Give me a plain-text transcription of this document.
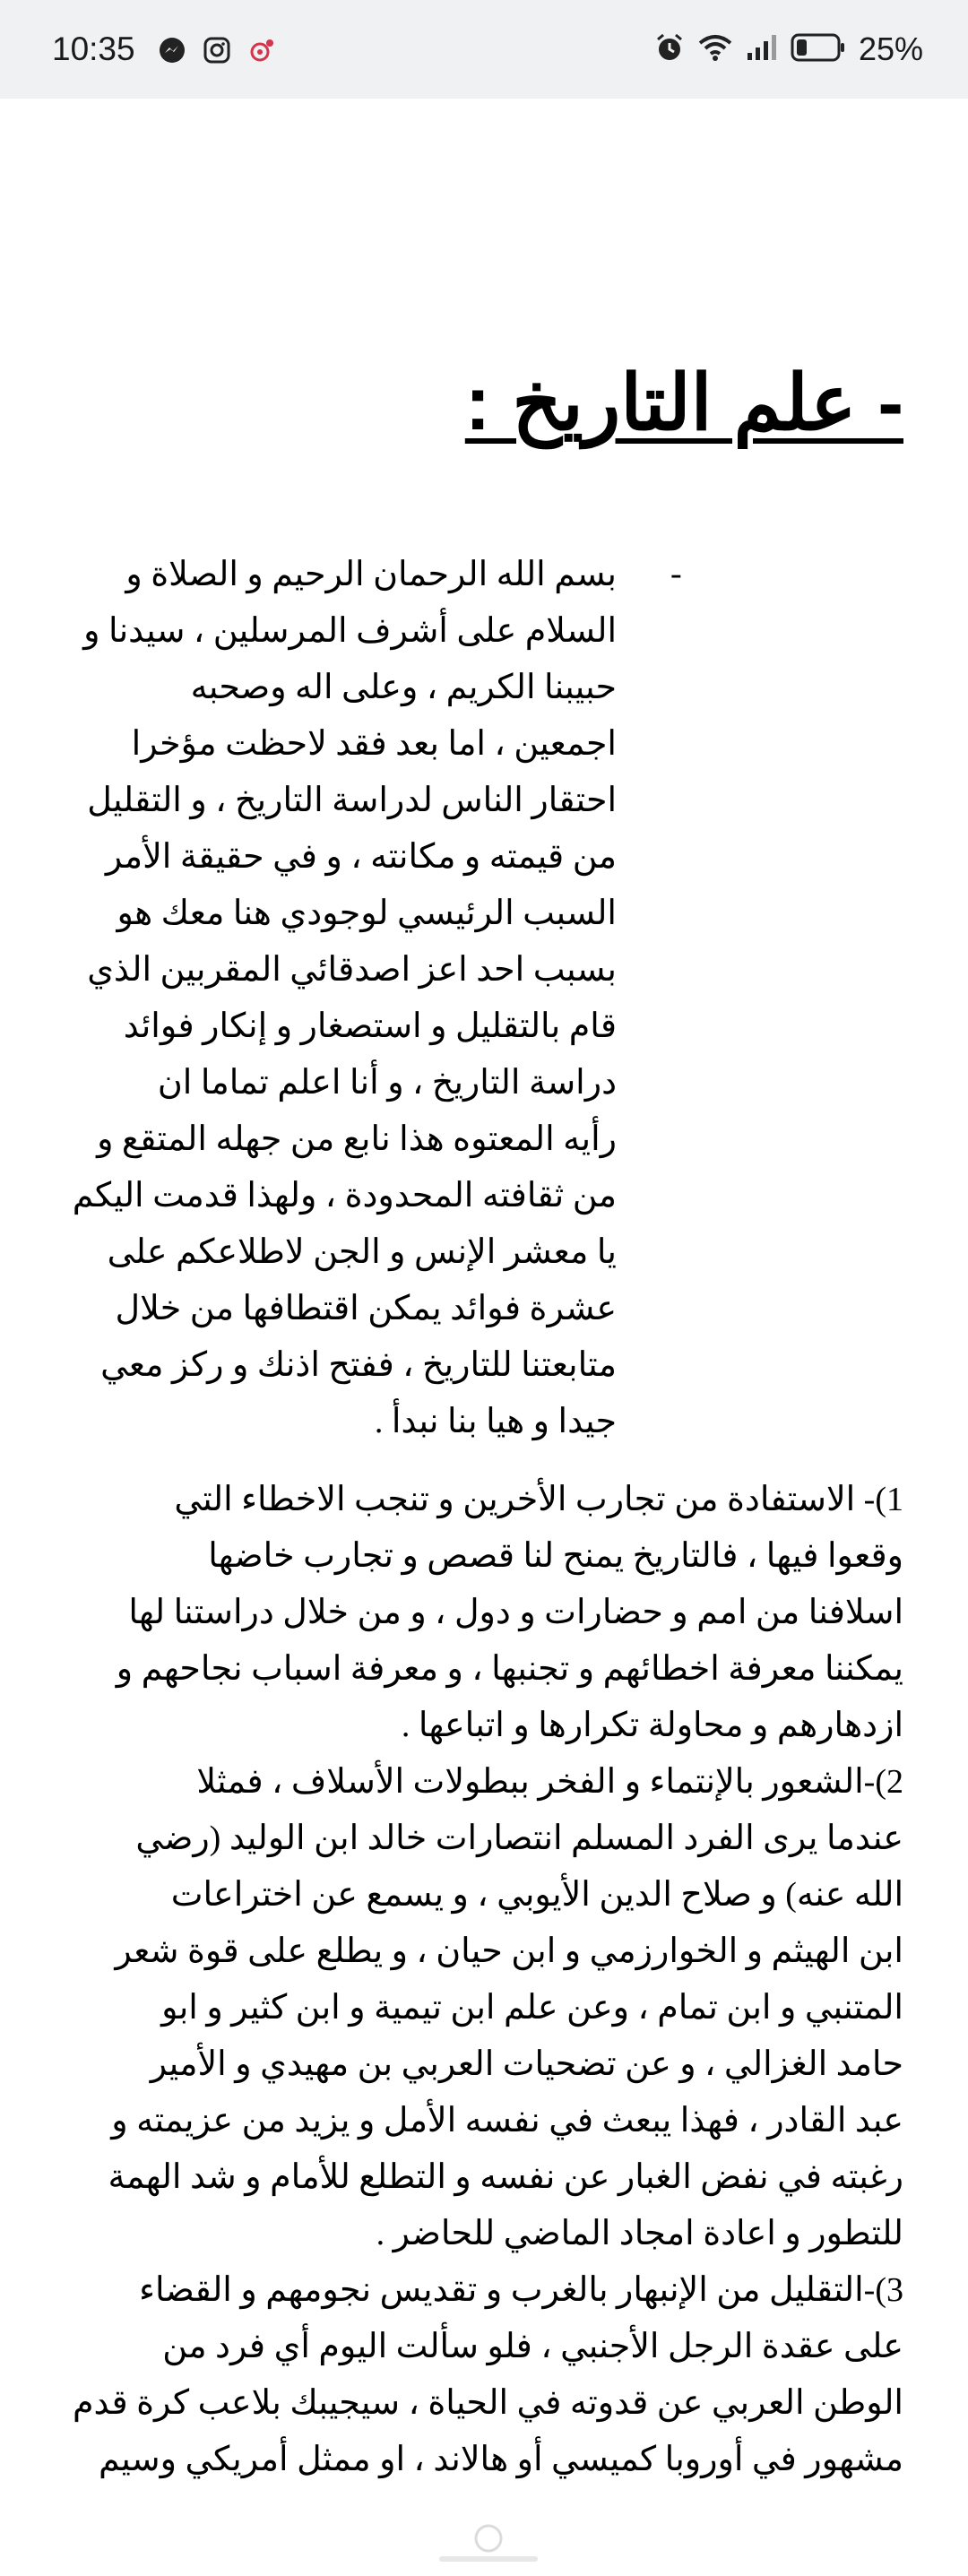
10:35	25%
- علم التاريخ :
-
بسم الله الرحمان الرحيم و الصلاة و
السلام على أشرف المرسلين ، سيدنا و
حبيبنا الكريم ، وعلى اله وصحبه
اجمعين ، اما بعد فقد لاحظت مؤخرا
احتقار الناس لدراسة التاريخ ، و التقليل
من قيمته و مكانته ، و في حقيقة الأمر
السبب الرئيسي لوجودي هنا معك هو
بسبب احد اعز اصدقائي المقربين الذي
قام بالتقليل و استصغار و إنكار فوائد
دراسة التاريخ ، و أنا اعلم تماما ان
رأيه المعتوه هذا نابع من جهله المتقع و
من ثقافته المحدودة ، ولهذا قدمت اليكم
يا معشر الإنس و الجن لاطلاعكم على
عشرة فوائد يمكن اقتطافها من خلال
متابعتنا للتاريخ ، ففتح اذنك و ركز معي
جيدا و هيا بنا نبدأ .
1)- الاستفادة من تجارب الأخرين و تنجب الاخطاء التي
وقعوا فيها ، فالتاريخ يمنح لنا قصص و تجارب خاضها
اسلافنا من امم و حضارات و دول ، و من خلال دراستنا لها
يمكننا معرفة اخطائهم و تجنبها ، و معرفة اسباب نجاحهم و
ازدهارهم و محاولة تكرارها و اتباعها .
2)-الشعور بالإنتماء و الفخر ببطولات الأسلاف ، فمثلا
عندما يرى الفرد المسلم انتصارات خالد ابن الوليد (رضي
الله عنه) و صلاح الدين الأيوبي ، و يسمع عن اختراعات
ابن الهيثم و الخوارزمي و ابن حيان ، و يطلع على قوة شعر
المتنبي و ابن تمام ، وعن علم ابن تيمية و ابن كثير و ابو
حامد الغزالي ، و عن تضحيات العربي بن مهيدي و الأمير
عبد القادر ، فهذا يبعث في نفسه الأمل و يزيد من عزيمته و
رغبته في نفض الغبار عن نفسه و التطلع للأمام و شد الهمة
للتطور و اعادة امجاد الماضي للحاضر .
3)-التقليل من الإنبهار بالغرب و تقديس نجومهم و القضاء
على عقدة الرجل الأجنبي ، فلو سألت اليوم أي فرد من
الوطن العربي عن قدوته في الحياة ، سيجيبك بلاعب كرة قدم
مشهور في أوروبا كميسي أو هالاند ، او ممثل أمريكي وسيم
